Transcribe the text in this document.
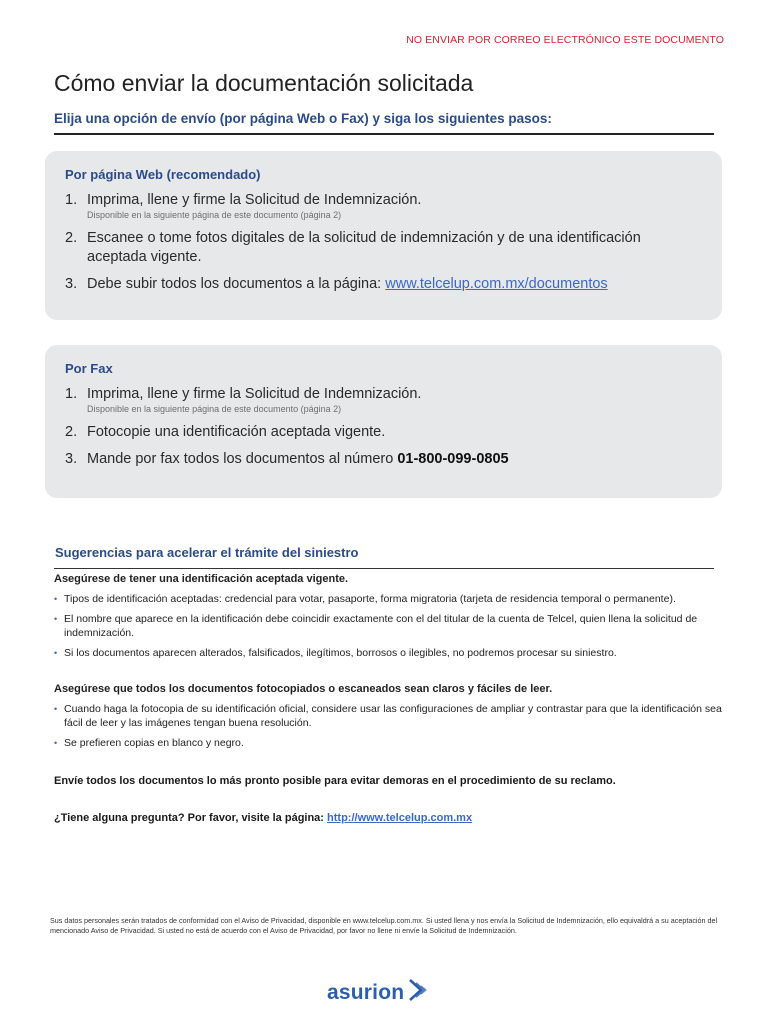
NO ENVIAR POR CORREO ELECTRÓNICO ESTE DOCUMENTO
Cómo enviar la documentación solicitada
Elija una opción de envío (por página Web o Fax) y siga los siguientes pasos:
Por página Web (recomendado)
1. Imprima, llene y firme la Solicitud de Indemnización.
Disponible en la siguiente página de este documento (página 2)
2. Escanee o tome fotos digitales de la solicitud de indemnización y de una identificación aceptada vigente.
3. Debe subir todos los documentos a la página: www.telcelup.com.mx/documentos
Por Fax
1. Imprima, llene y firme la Solicitud de Indemnización.
Disponible en la siguiente página de este documento (página 2)
2. Fotocopie una identificación aceptada vigente.
3. Mande por fax todos los documentos al número 01-800-099-0805
Sugerencias para acelerar el trámite del siniestro
Asegúrese de tener una identificación aceptada vigente.
• Tipos de identificación aceptadas: credencial para votar, pasaporte, forma migratoria (tarjeta de residencia temporal o permanente).
• El nombre que aparece en la identificación debe coincidir exactamente con el del titular de la cuenta de Telcel, quien llena la solicitud de indemnización.
• Si los documentos aparecen alterados, falsificados, ilegítimos, borrosos o ilegibles, no podremos procesar su siniestro.
Asegúrese que todos los documentos fotocopiados o escaneados sean claros y fáciles de leer.
• Cuando haga la fotocopia de su identificación oficial, considere usar las configuraciones de ampliar y contrastar para que la identificación sea fácil de leer y las imágenes tengan buena resolución.
• Se prefieren copias en blanco y negro.
Envíe todos los documentos lo más pronto posible para evitar demoras en el procedimiento de su reclamo.
¿Tiene alguna pregunta? Por favor, visite la página: http://www.telcelup.com.mx
Sus datos personales serán tratados de conformidad con el Aviso de Privacidad, disponible en www.telcelup.com.mx. Si usted llena y nos envía la Solicitud de Indemnización, ello equivaldrá a su aceptación del mencionado Aviso de Privacidad. Si usted no está de acuerdo con el Aviso de Privacidad, por favor no llene ni envíe la Solicitud de Indemnización.
asurion
